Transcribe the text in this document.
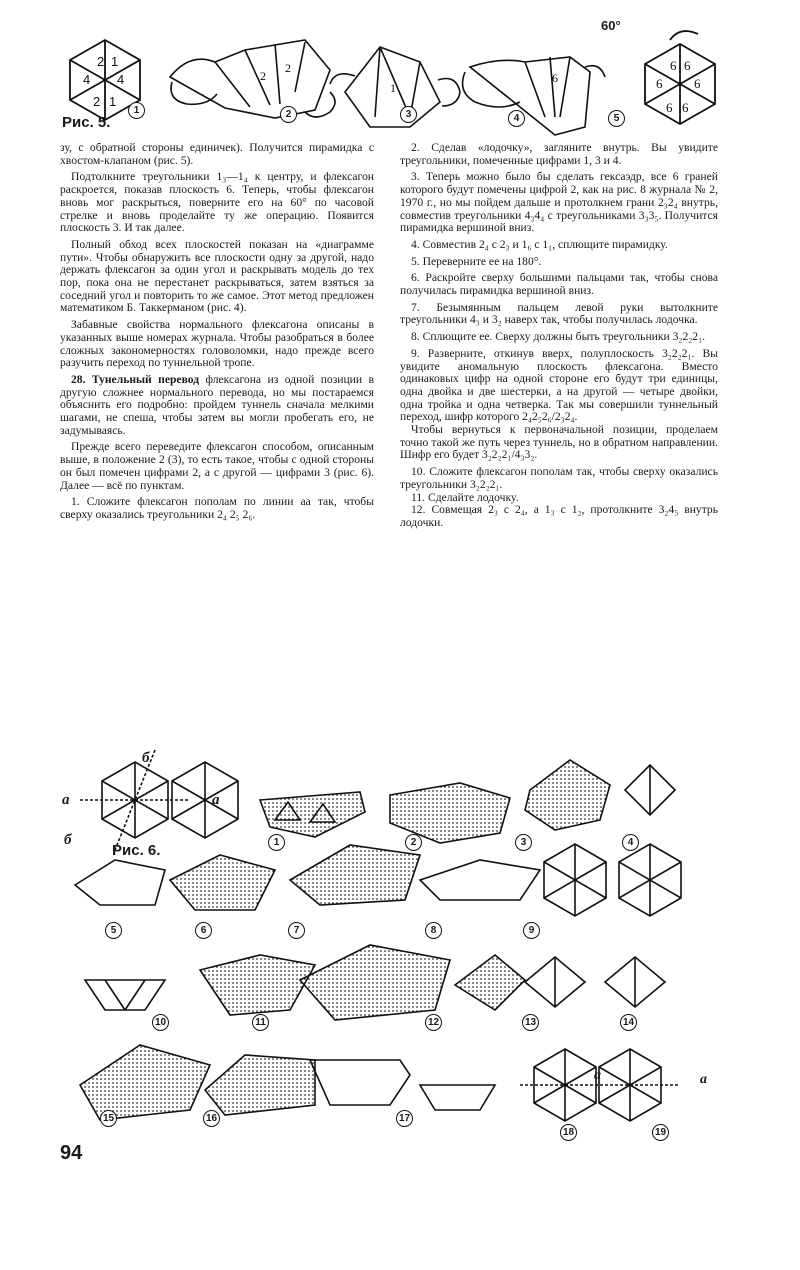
2 1
4
4
1
2
2
2
1
6
6 6
6
6
6
6
60°
1	2	3	4	5
Рис. 5.

зу, с обратной стороны единичек). Получится пирамидка с хвостом-клапаном (рис. 5).

Подтолкните треугольники 1₃—1₄ к центру, и флексагон раскроется, показав плоскость 6. Теперь, чтобы флексагон вновь мог раскрыться, поверните его на 60° по часовой стрелке и вновь проделайте ту же операцию. Появится плоскость 3. И так далее.

Полный обход всех плоскостей показан на «диаграмме пути». Чтобы обнаружить все плоскости одну за другой, надо держать флексагон за один угол и раскрывать модель до тех пор, пока она не перестанет раскрываться, затем взяться за соседний угол и повторить то же самое. Этот метод предложен математиком Б. Таккерманом (рис. 4).

Забавные свойства нормального флексагона описаны в указанных выше номерах журнала. Чтобы разобраться в более сложных закономерностях головоломки, надо прежде всего разучить переход по туннельной тропе.

28. Тунельный перевод флексагона из одной позиции в другую сложнее нормального перевода, но мы постараемся объяснить его подробно: пройдем туннель сначала мелкими шагами, не спеша, чтобы затем вы могли пробегать его, не задумываясь.

Прежде всего переведите флексагон способом, описанным выше, в положение 2 (3), то есть такое, чтобы с одной стороны он был помечен цифрами 2, а с другой — цифрами 3 (рис. 6). Далее — всё по пунктам.

1. Сложите флексагон пополам по линии аа так, чтобы сверху оказались треугольники 2₄ 2₅ 2₆.

2. Сделав «лодочку», загляните внутрь. Вы увидите треугольники, помеченные цифрами 1, 3 и 4.

3. Теперь можно было бы сделать гексаэдр, все 6 граней которого будут помечены цифрой 2, как на рис. 8 журнала № 2, 1970 г., но мы пойдем дальше и протолкнем грани 2₃2₄ внутрь, совместив треугольники 4₃4₄ с треугольниками 3₃3₅. Получится пирамидка вершиной вниз.

4. Совместив 2₄ с 2₃ и 1₆ с 1₁, сплющите пирамидку.

5. Переверните ее на 180°.

6. Раскройте сверху большими пальцами так, чтобы снова получилась пирамидка вершиной вниз.

7. Безымянным пальцем левой руки вытолкните треугольники 4₃ и 3₂ наверх так, чтобы получилась лодочка.

8. Сплющите ее. Сверху должны быть треугольники 3₂2₂2₁.

9. Разверните, откинув вверх, полуплоскость 3₂2₂2₁. Вы увидите аномальную плоскость флексагона. Вместо одинаковых цифр на одной стороне его будут три единицы, одна двойка и две шестерки, а на другой — четыре двойки, одна тройка и одна четверка. Так мы совершили туннельный переход, шифр которого 2₄2₅2₆/2₃2₄.

Чтобы вернуться к первоначальной позиции, проделаем точно такой же путь через туннель, но в обратном направлении. Шифр его будет 3₂2₂2₁/4₃3₂.

10. Сложите флексагон пополам так, чтобы сверху оказались треугольники 3₂2₂2₁.

11. Сделайте лодочку.

12. Совмещая 2₃ с 2₄, а 1₃ с 1₂, протолкните 3₂4₅ внутрь лодочки.

б
а	а
б
а	а
1	2	3	4
5	6	7	8	9
10	11	12	13	14
15	16	17
18	19
Рис. 6.
94
